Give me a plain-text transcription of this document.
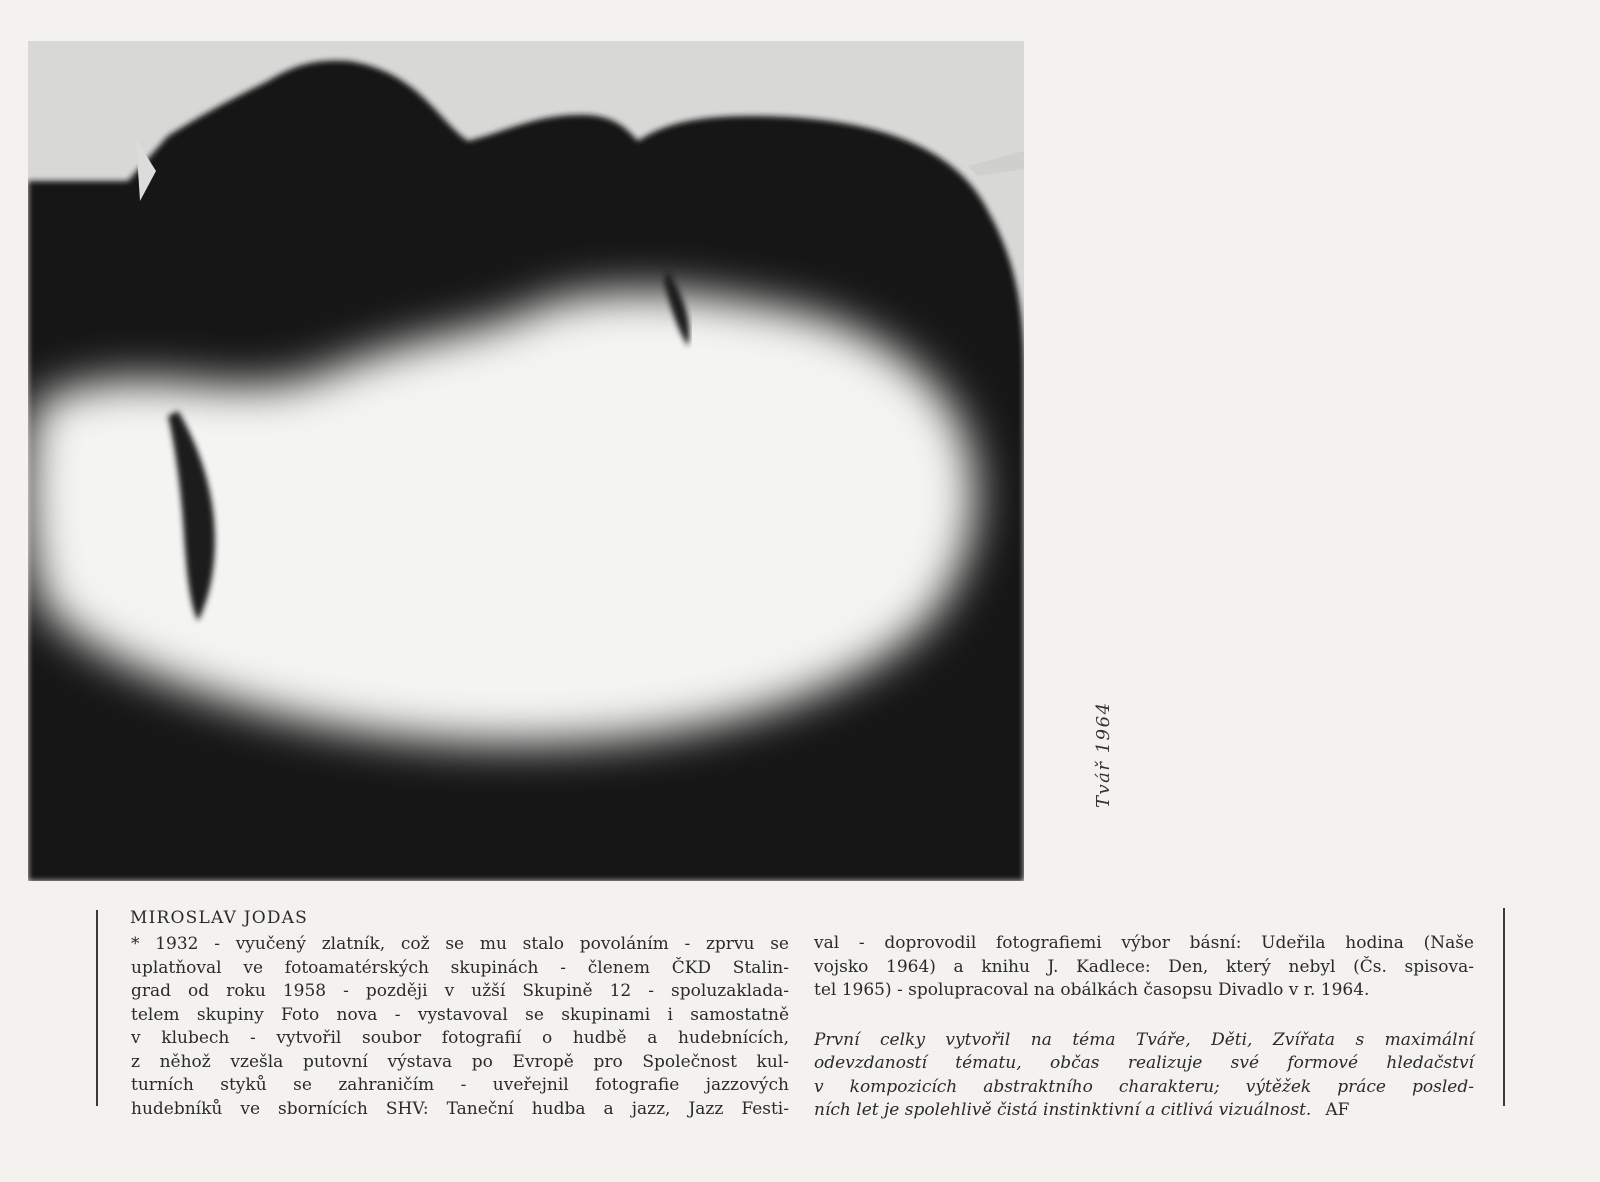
Tvář 1964
MIROSLAV JODAS
* 1932 - vyučený zlatník, což se mu stalo povoláním - zprvu se
uplatňoval ve fotoamatérských skupinách - členem ČKD Stalin-
grad od roku 1958 - později v užší Skupině 12 - spoluzaklada-
telem skupiny Foto nova - vystavoval se skupinami i samostatně
v klubech - vytvořil soubor fotografií o hudbě a hudebnících,
z něhož vzešla putovní výstava po Evropě pro Společnost kul-
turních styků se zahraničím - uveřejnil fotografie jazzových
hudebníků ve sbornících SHV: Taneční hudba a jazz, Jazz Festi-
val - doprovodil fotografiemi výbor básní: Udeřila hodina (Naše
vojsko 1964) a knihu J. Kadlece: Den, který nebyl (Čs. spisova-
tel 1965) - spolupracoval na obálkách časopsu Divadlo v r. 1964.
První celky vytvořil na téma Tváře, Děti, Zvířata s maximální
odevzdaností tématu, občas realizuje své formové hledačství
v kompozicích abstraktního charakteru; výtěžek práce posled-
ních let je spolehlivě čistá instinktivní a citlivá vizuálnost. AF
